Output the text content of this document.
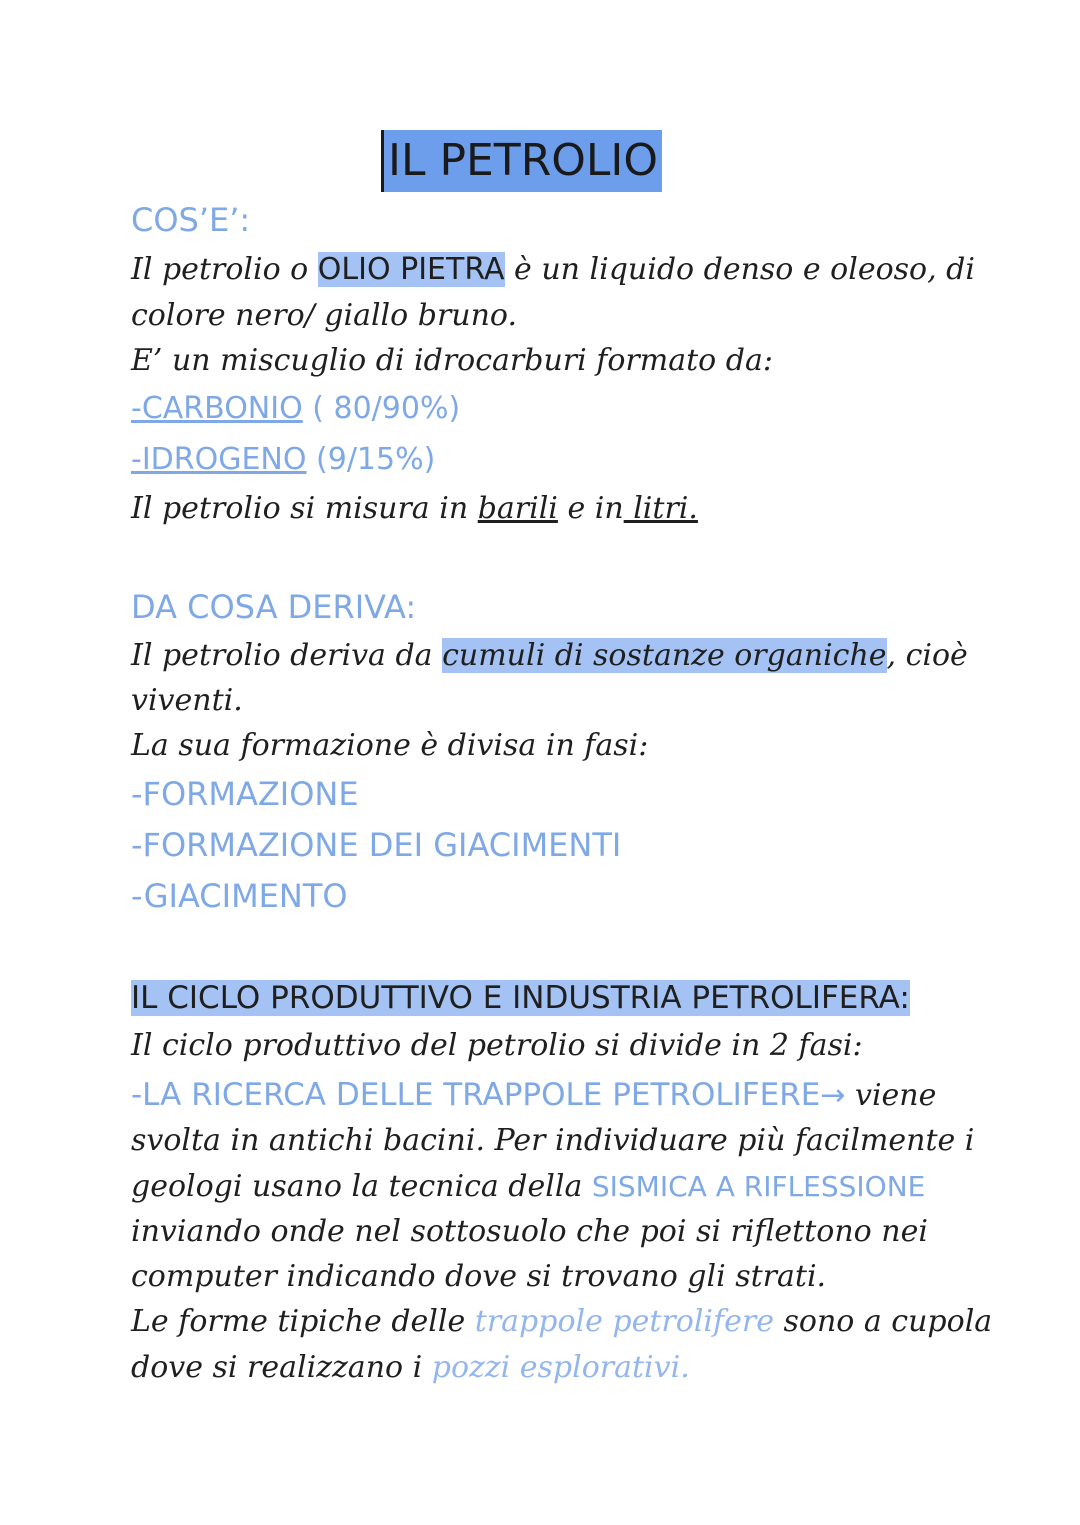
IL PETROLIO
COS’E’:
Il petrolio o OLIO PIETRA è un liquido denso e oleoso, di
colore nero/ giallo bruno.
E’ un miscuglio di idrocarburi formato da:
-CARBONIO ( 80/90%)
-IDROGENO (9/15%)
Il petrolio si misura in barili e in litri.
DA COSA DERIVA:
Il petrolio deriva da cumuli di sostanze organiche, cioè
viventi.
La sua formazione è divisa in fasi:
-FORMAZIONE
-FORMAZIONE DEI GIACIMENTI
-GIACIMENTO
IL CICLO PRODUTTIVO E INDUSTRIA PETROLIFERA:
Il ciclo produttivo del petrolio si divide in 2 fasi:
-LA RICERCA DELLE TRAPPOLE PETROLIFERE→ viene
svolta in antichi bacini. Per individuare più facilmente i
geologi usano la tecnica della SISMICA A RIFLESSIONE
inviando onde nel sottosuolo che poi si riflettono nei
computer indicando dove si trovano gli strati.
Le forme tipiche delle trappole petrolifere sono a cupola
dove si realizzano i pozzi esplorativi.
